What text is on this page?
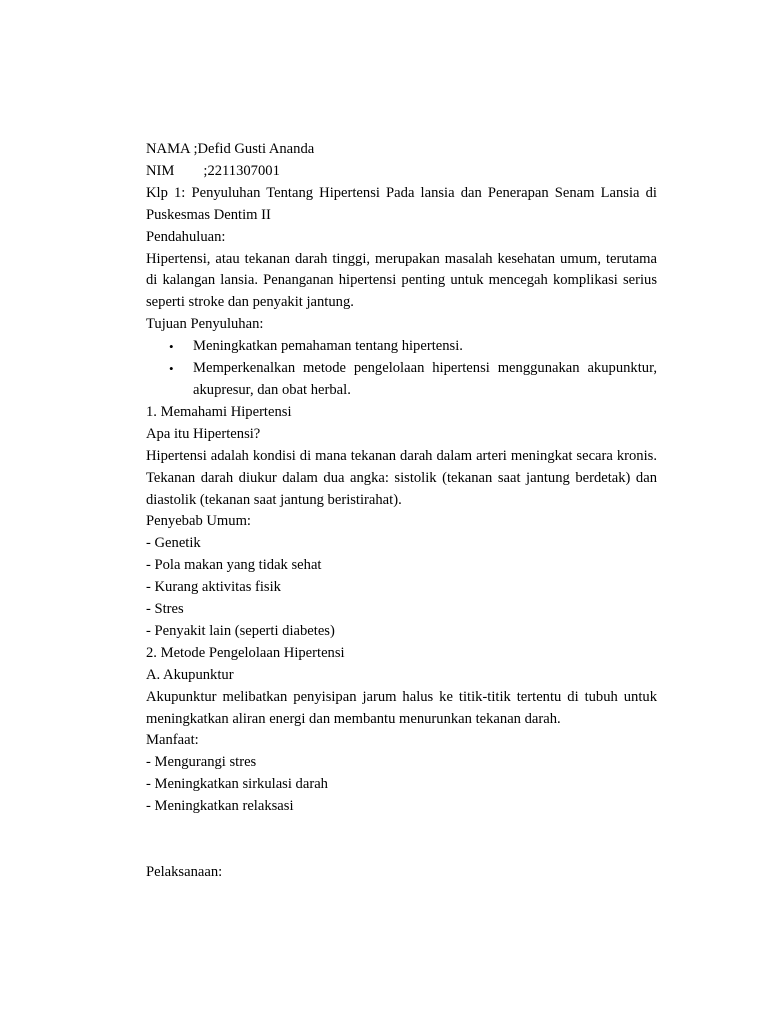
NAMA ;Defid Gusti Ananda

NIM ;2211307001

Klp 1: Penyuluhan Tentang Hipertensi Pada lansia dan Penerapan Senam Lansia di Puskesmas Dentim II

Pendahuluan:

Hipertensi, atau tekanan darah tinggi, merupakan masalah kesehatan umum, terutama di kalangan lansia. Penanganan hipertensi penting untuk mencegah komplikasi serius seperti stroke dan penyakit jantung.

Tujuan Penyuluhan:

• Meningkatkan pemahaman tentang hipertensi.
• Memperkenalkan metode pengelolaan hipertensi menggunakan akupunktur, akupresur, dan obat herbal.

1. Memahami Hipertensi

Apa itu Hipertensi?

Hipertensi adalah kondisi di mana tekanan darah dalam arteri meningkat secara kronis. Tekanan darah diukur dalam dua angka: sistolik (tekanan saat jantung berdetak) dan diastolik (tekanan saat jantung beristirahat).

Penyebab Umum:

- Genetik

- Pola makan yang tidak sehat

- Kurang aktivitas fisik

- Stres

- Penyakit lain (seperti diabetes)

2. Metode Pengelolaan Hipertensi

A. Akupunktur

Akupunktur melibatkan penyisipan jarum halus ke titik-titik tertentu di tubuh untuk meningkatkan aliran energi dan membantu menurunkan tekanan darah.

Manfaat:

- Mengurangi stres

- Meningkatkan sirkulasi darah

- Meningkatkan relaksasi

Pelaksanaan:
